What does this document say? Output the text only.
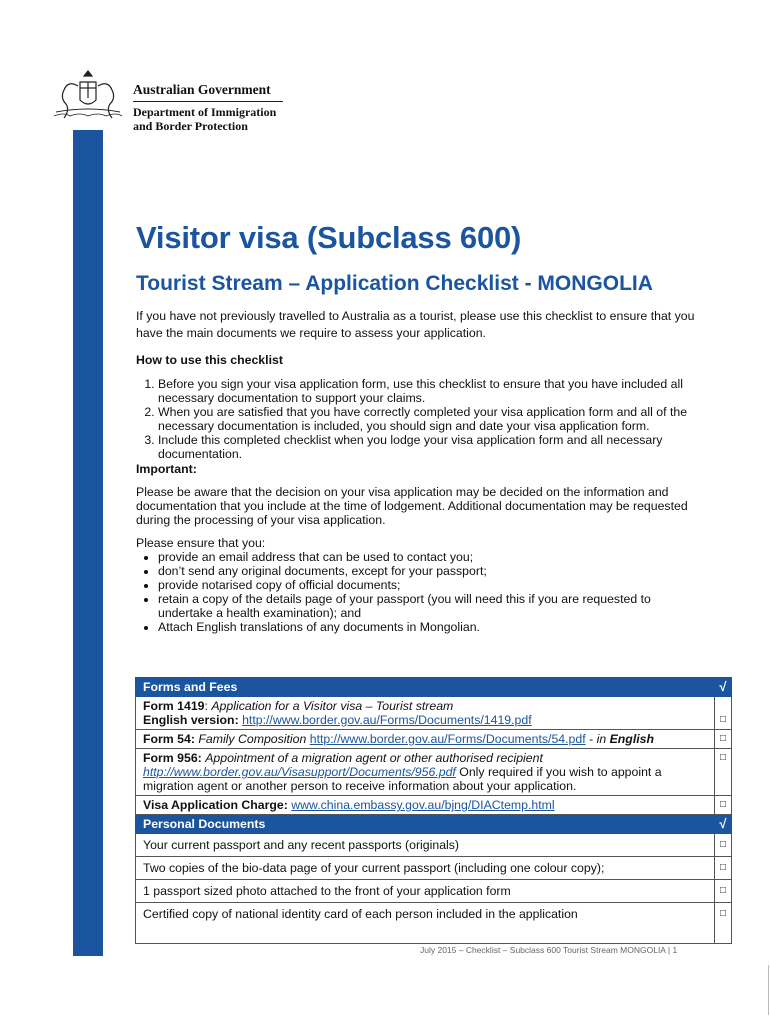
Australian Government
Department of Immigration
and Border Protection
Visitor visa (Subclass 600)
Tourist Stream – Application Checklist - MONGOLIA

If you have not previously travelled to Australia as a tourist, please use this checklist to ensure that you have the main documents we require to assess your application.

How to use this checklist

1. Before you sign your visa application form, use this checklist to ensure that you have included all necessary documentation to support your claims.
2. When you are satisfied that you have correctly completed your visa application form and all of the necessary documentation is included, you should sign and date your visa application form.
3. Include this completed checklist when you lodge your visa application form and all necessary documentation.

Important:

Please be aware that the decision on your visa application may be decided on the information and documentation that you include at the time of lodgement. Additional documentation may be requested during the processing of your visa application.

Please ensure that you:

• provide an email address that can be used to contact you;
• don’t send any original documents, except for your passport;
• provide notarised copy of official documents;
• retain a copy of the details page of your passport (you will need this if you are requested to undertake a health examination); and
• Attach English translations of any documents in Mongolian.
Forms and Fees	√
Form 1419: Application for a Visitor visa – Tourist stream
English version: http://www.border.gov.au/Forms/Documents/1419.pdf	□
Form 54: Family Composition http://www.border.gov.au/Forms/Documents/54.pdf - in English	□
Form 956: Appointment of a migration agent or other authorised recipient
http://www.border.gov.au/Visasupport/Documents/956.pdf Only required if you wish to appoint a migration agent or another person to receive information about your application.	□
Visa Application Charge: www.china.embassy.gov.au/bjng/DIACtemp.html	□
Personal Documents	√
Your current passport and any recent passports (originals)	□
Two copies of the bio-data page of your current passport (including one colour copy);	□
1 passport sized photo attached to the front of your application form	□
Certified copy of national identity card of each person included in the application	□
July 2015 – Checklist – Subclass 600 Tourist Stream MONGOLIA | 1
